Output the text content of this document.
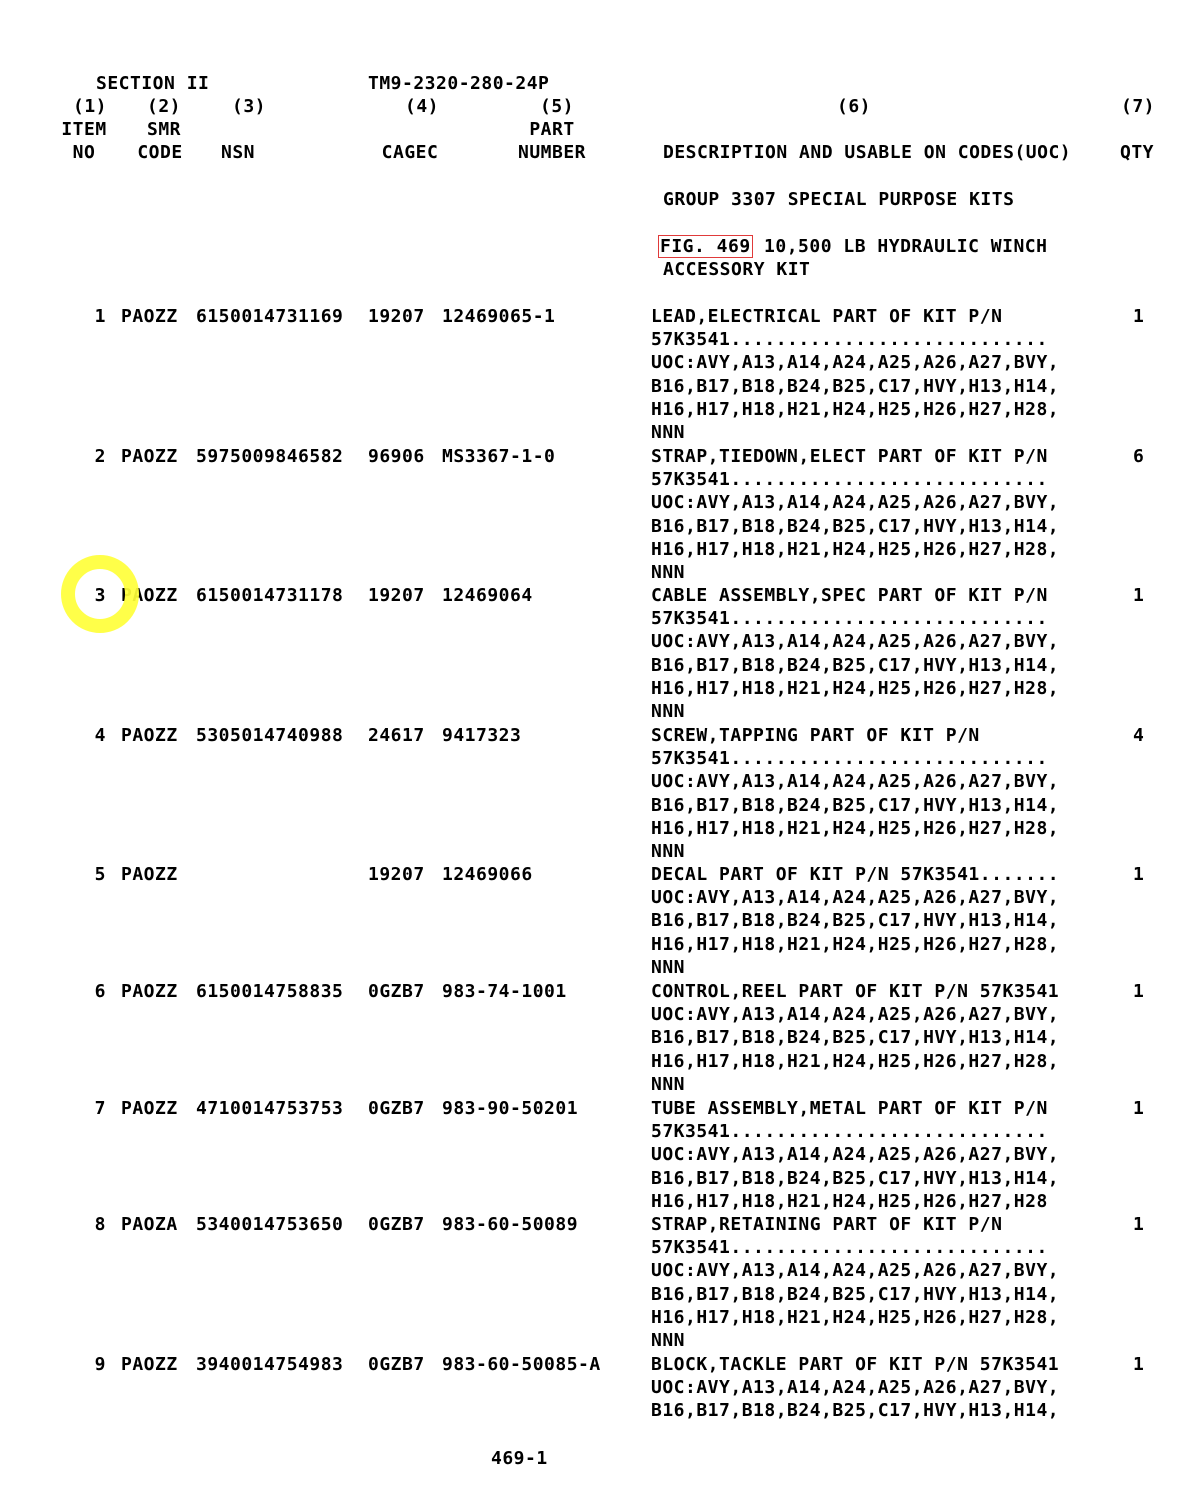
SECTION II	TM9-2320-280-24P
(1) (2)	(3)	(4)	(5)	(6)	(7)
ITEM	SMR	PART
NO	CODE	NSN	CAGEC	NUMBER	DESCRIPTION AND USABLE ON CODES(UOC)	QTY
GROUP 3307 SPECIAL PURPOSE KITS
FIG. 469 10,500 LB HYDRAULIC WINCH
ACCESSORY KIT
1 PAOZZ 6150014731169 19207 12469065-1	1
LEAD,ELECTRICAL PART OF KIT P/N
57K3541............................
UOC:AVY,A13,A14,A24,A25,A26,A27,BVY,
B16,B17,B18,B24,B25,C17,HVY,H13,H14,
H16,H17,H18,H21,H24,H25,H26,H27,H28,
NNN
2 PAOZZ 5975009846582 96906 MS3367-1-0	6
STRAP,TIEDOWN,ELECT PART OF KIT P/N
57K3541............................
UOC:AVY,A13,A14,A24,A25,A26,A27,BVY,
B16,B17,B18,B24,B25,C17,HVY,H13,H14,
H16,H17,H18,H21,H24,H25,H26,H27,H28,
NNN
3 PAOZZ 6150014731178 19207 12469064	1
CABLE ASSEMBLY,SPEC PART OF KIT P/N
57K3541............................
UOC:AVY,A13,A14,A24,A25,A26,A27,BVY,
B16,B17,B18,B24,B25,C17,HVY,H13,H14,
H16,H17,H18,H21,H24,H25,H26,H27,H28,
NNN
4 PAOZZ 5305014740988 24617 9417323	4
SCREW,TAPPING PART OF KIT P/N
57K3541............................
UOC:AVY,A13,A14,A24,A25,A26,A27,BVY,
B16,B17,B18,B24,B25,C17,HVY,H13,H14,
H16,H17,H18,H21,H24,H25,H26,H27,H28,
NNN
5 PAOZZ	19207 12469066	1
DECAL PART OF KIT P/N 57K3541.......
UOC:AVY,A13,A14,A24,A25,A26,A27,BVY,
B16,B17,B18,B24,B25,C17,HVY,H13,H14,
H16,H17,H18,H21,H24,H25,H26,H27,H28,
NNN
6 PAOZZ 6150014758835 0GZB7 983-74-1001	1
CONTROL,REEL PART OF KIT P/N 57K3541
UOC:AVY,A13,A14,A24,A25,A26,A27,BVY,
B16,B17,B18,B24,B25,C17,HVY,H13,H14,
H16,H17,H18,H21,H24,H25,H26,H27,H28,
NNN
7 PAOZZ 4710014753753 0GZB7 983-90-50201	1
TUBE ASSEMBLY,METAL PART OF KIT P/N
57K3541............................
UOC:AVY,A13,A14,A24,A25,A26,A27,BVY,
B16,B17,B18,B24,B25,C17,HVY,H13,H14,
H16,H17,H18,H21,H24,H25,H26,H27,H28
8 PAOZA 5340014753650 0GZB7 983-60-50089	1
STRAP,RETAINING PART OF KIT P/N
57K3541............................
UOC:AVY,A13,A14,A24,A25,A26,A27,BVY,
B16,B17,B18,B24,B25,C17,HVY,H13,H14,
H16,H17,H18,H21,H24,H25,H26,H27,H28,
NNN
9 PAOZZ 3940014754983 0GZB7 983-60-50085-A	1
BLOCK,TACKLE PART OF KIT P/N 57K3541
UOC:AVY,A13,A14,A24,A25,A26,A27,BVY,
B16,B17,B18,B24,B25,C17,HVY,H13,H14,
469-1
